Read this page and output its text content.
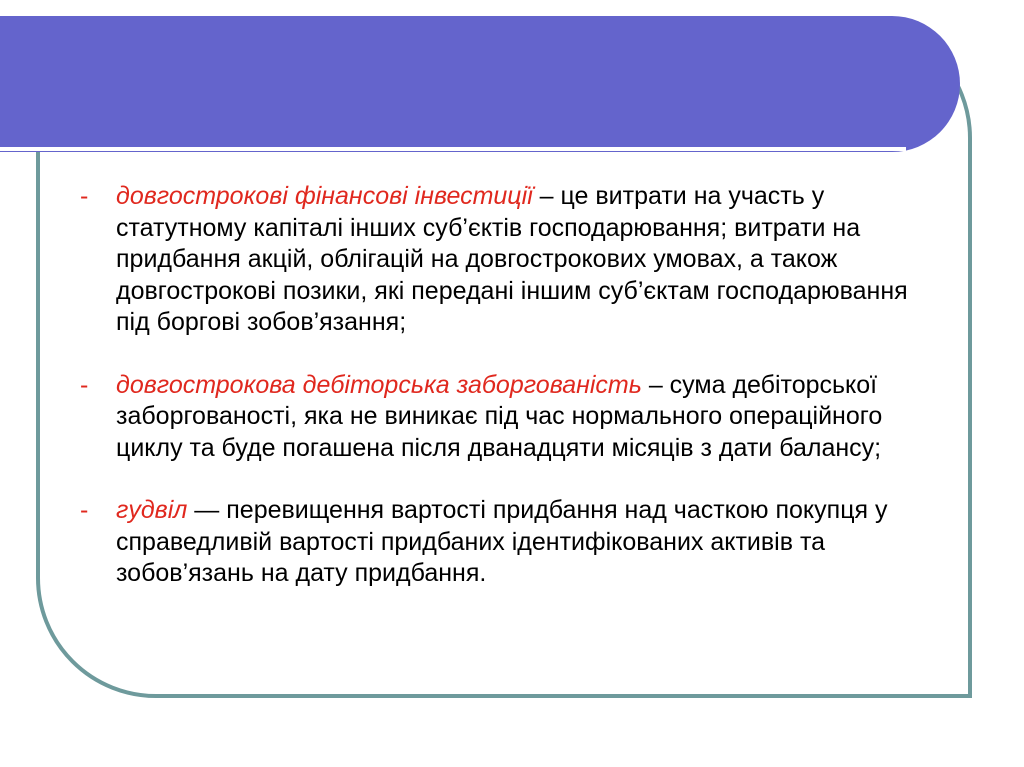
- довгострокові фінансові інвестиції – це витрати на участь у статутному капіталі інших суб’єктів господарювання; витрати на придбання акцій, облігацій на довгострокових умовах, а також довгострокові позики, які передані іншим суб’єктам господарювання під боргові зобов’язання;

- довгострокова дебіторська заборгованість – сума дебіторської заборгованості, яка не виникає під час нормального операційного циклу та буде погашена після дванадцяти місяців з дати балансу;

- гудвіл — перевищення вартості придбання над часткою покупця у справедливій вартості придбаних ідентифікованих активів та зобов’язань на дату придбання.
